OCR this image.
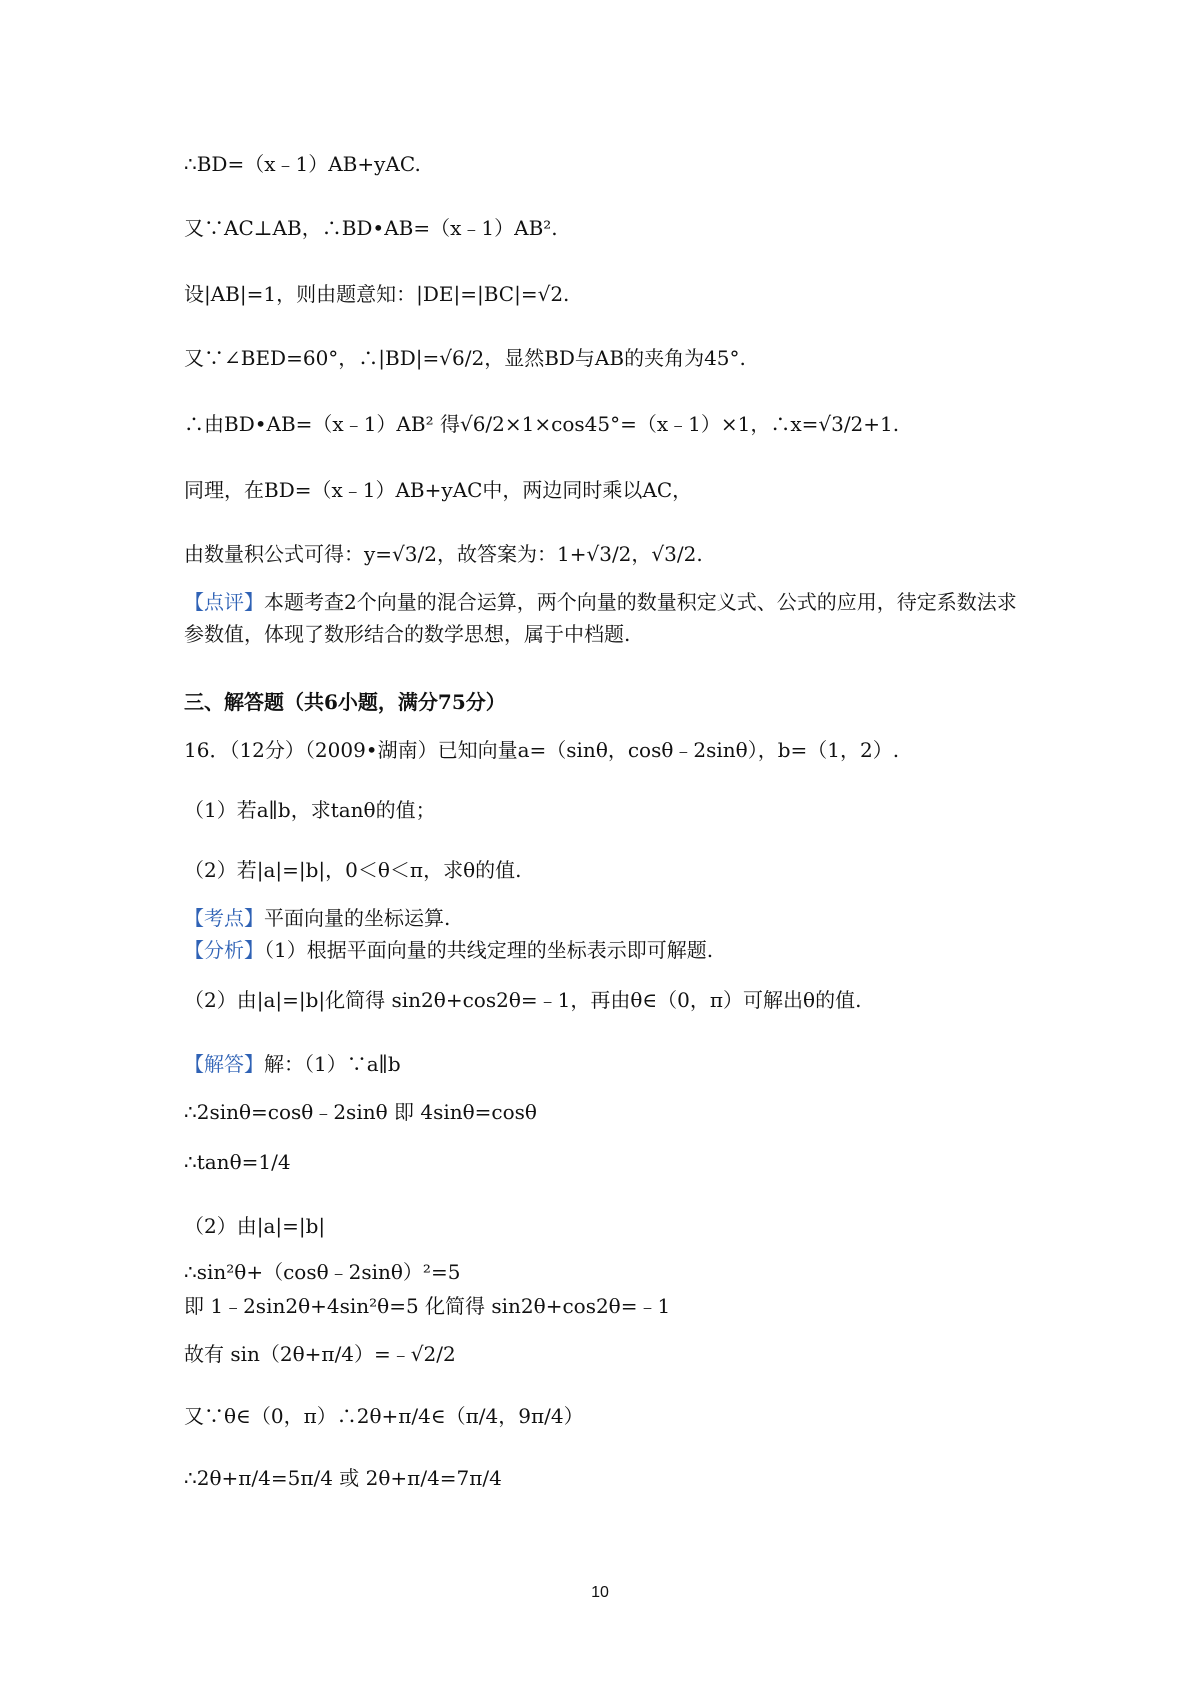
∴BD=（x﹣1）AB+yAC.
又∵AC⊥AB，∴BD•AB=（x﹣1）AB².
设|AB|=1，则由题意知：|DE|=|BC|=√2.
又∵∠BED=60°，∴|BD|=√6/2，显然BD与AB的夹角为45°.
∴由BD•AB=（x﹣1）AB² 得√6/2×1×cos45°=（x﹣1）×1，∴x=√3/2+1.
同理，在BD=（x﹣1）AB+yAC中，两边同时乘以AC，
由数量积公式可得：y=√3/2，故答案为：1+√3/2，√3/2.
【点评】本题考查2个向量的混合运算，两个向量的数量积定义式、公式的应用，待定系数法求参数值，体现了数形结合的数学思想，属于中档题.
三、解答题（共6小题，满分75分）
16．（12分）（2009•湖南）已知向量a=（sinθ，cosθ﹣2sinθ），b=（1，2）.
（1）若a∥b，求tanθ的值；
（2）若|a|=|b|，0＜θ＜π，求θ的值.
【考点】平面向量的坐标运算.
【分析】（1）根据平面向量的共线定理的坐标表示即可解题.
（2）由|a|=|b|化简得 sin2θ+cos2θ=﹣1，再由θ∈（0，π）可解出θ的值.
【解答】解：（1）∵a∥b
∴2sinθ=cosθ﹣2sinθ 即 4sinθ=cosθ
∴tanθ=1/4
（2）由|a|=|b|
∴sin²θ+（cosθ﹣2sinθ）²=5
即 1﹣2sin2θ+4sin²θ=5 化简得 sin2θ+cos2θ=﹣1
故有 sin（2θ+π/4）=﹣√2/2
又∵θ∈（0，π）∴2θ+π/4∈（π/4，9π/4）
∴2θ+π/4=5π/4 或 2θ+π/4=7π/4
10
